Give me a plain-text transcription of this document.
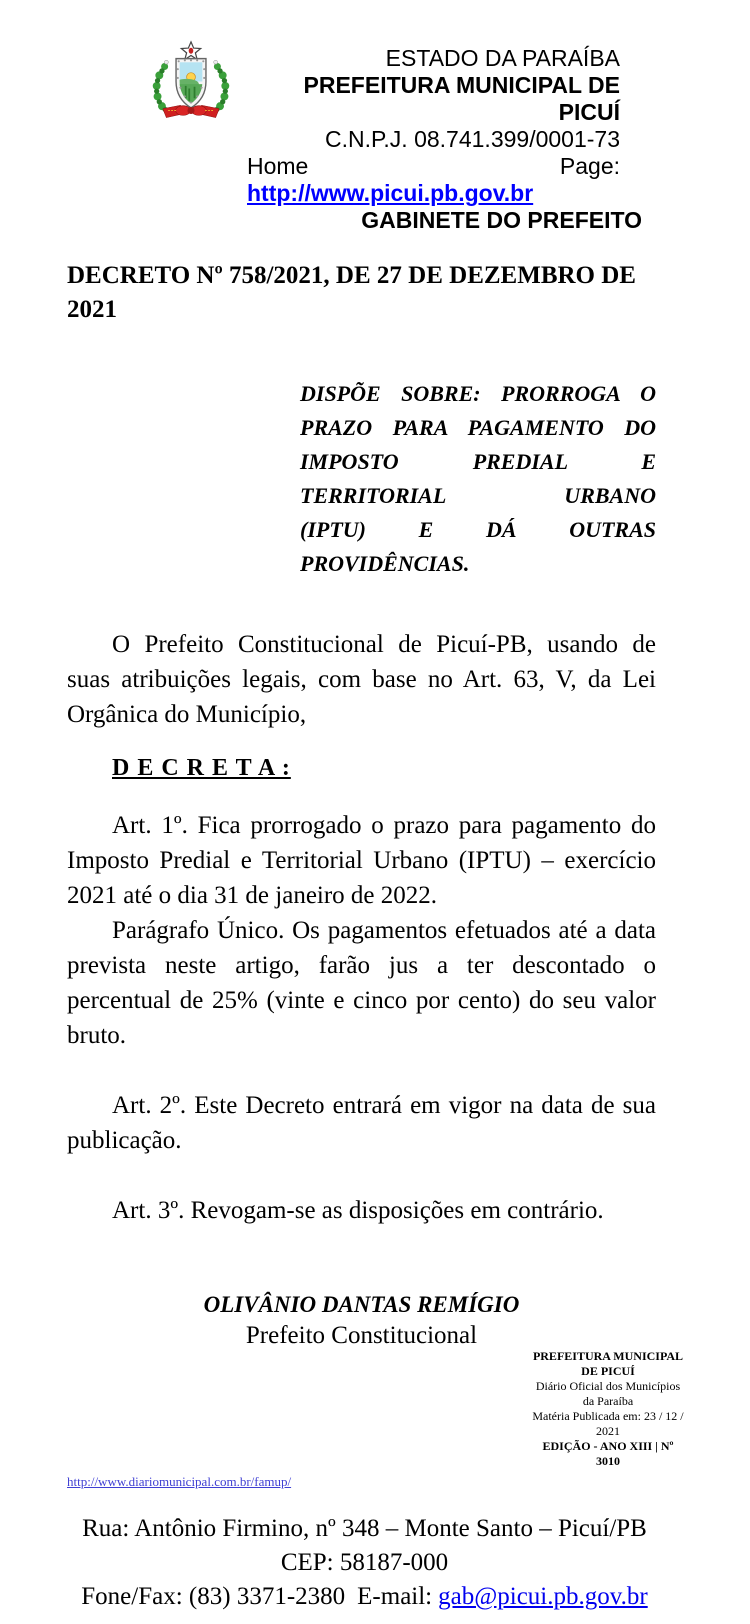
ESTADO DA PARAÍBA
PREFEITURA MUNICIPAL DE PICUÍ
C.N.P.J. 08.741.399/0001-73
Home	Page:
http://www.picui.pb.gov.br
GABINETE DO PREFEITO
DECRETO Nº 758/2021, DE 27 DE DEZEMBRO DE 2021
DISPÕE SOBRE: PRORROGA O
PRAZO PARA PAGAMENTO DO
IMPOSTO PREDIAL E
TERRITORIAL URBANO
(IPTU) E DÁ OUTRAS
PROVIDÊNCIAS.

O Prefeito Constitucional de Picuí-PB, usando de suas atribuições legais, com base no Art. 63, V, da Lei Orgânica do Município,

D E C R E T A :

Art. 1º. Fica prorrogado o prazo para pagamento do Imposto Predial e Territorial Urbano (IPTU) – exercício 2021 até o dia 31 de janeiro de 2022.

Parágrafo Único. Os pagamentos efetuados até a data prevista neste artigo, farão jus a ter descontado o percentual de 25% (vinte e cinco por cento) do seu valor bruto.

Art. 2º. Este Decreto entrará em vigor na data de sua publicação.

Art. 3º. Revogam-se as disposições em contrário.

OLIVÂNIO DANTAS REMÍGIO
Prefeito Constitucional
PREFEITURA MUNICIPAL DE PICUÍ
Diário Oficial dos Municípios da Paraíba
Matéria Publicada em: 23 / 12 / 2021
EDIÇÃO - ANO XIII | Nº 3010
http://www.diariomunicipal.com.br/famup/
Rua: Antônio Firmino, nº 348 – Monte Santo – Picuí/PB
CEP: 58187-000
Fone/Fax: (83) 3371-2380 E-mail: gab@picui.pb.gov.br
